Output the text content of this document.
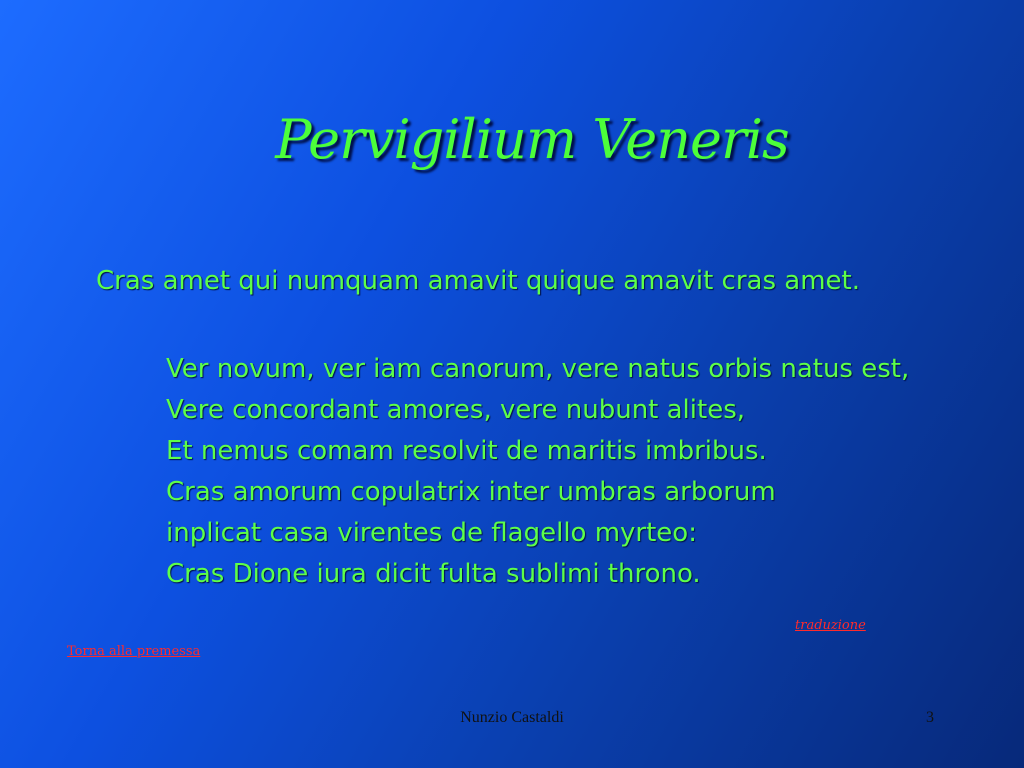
Pervigilium Veneris
Cras amet qui numquam amavit quique amavit cras amet.
Ver novum, ver iam canorum, vere natus orbis natus est,
Vere concordant amores, vere nubunt alites,
Et nemus comam resolvit de maritis imbribus.
Cras amorum copulatrix inter umbras arborum
inplicat casa virentes de flagello myrteo:
Cras Dione iura dicit fulta sublimi throno.
traduzione
Torna alla premessa
Nunzio Castaldi	3
